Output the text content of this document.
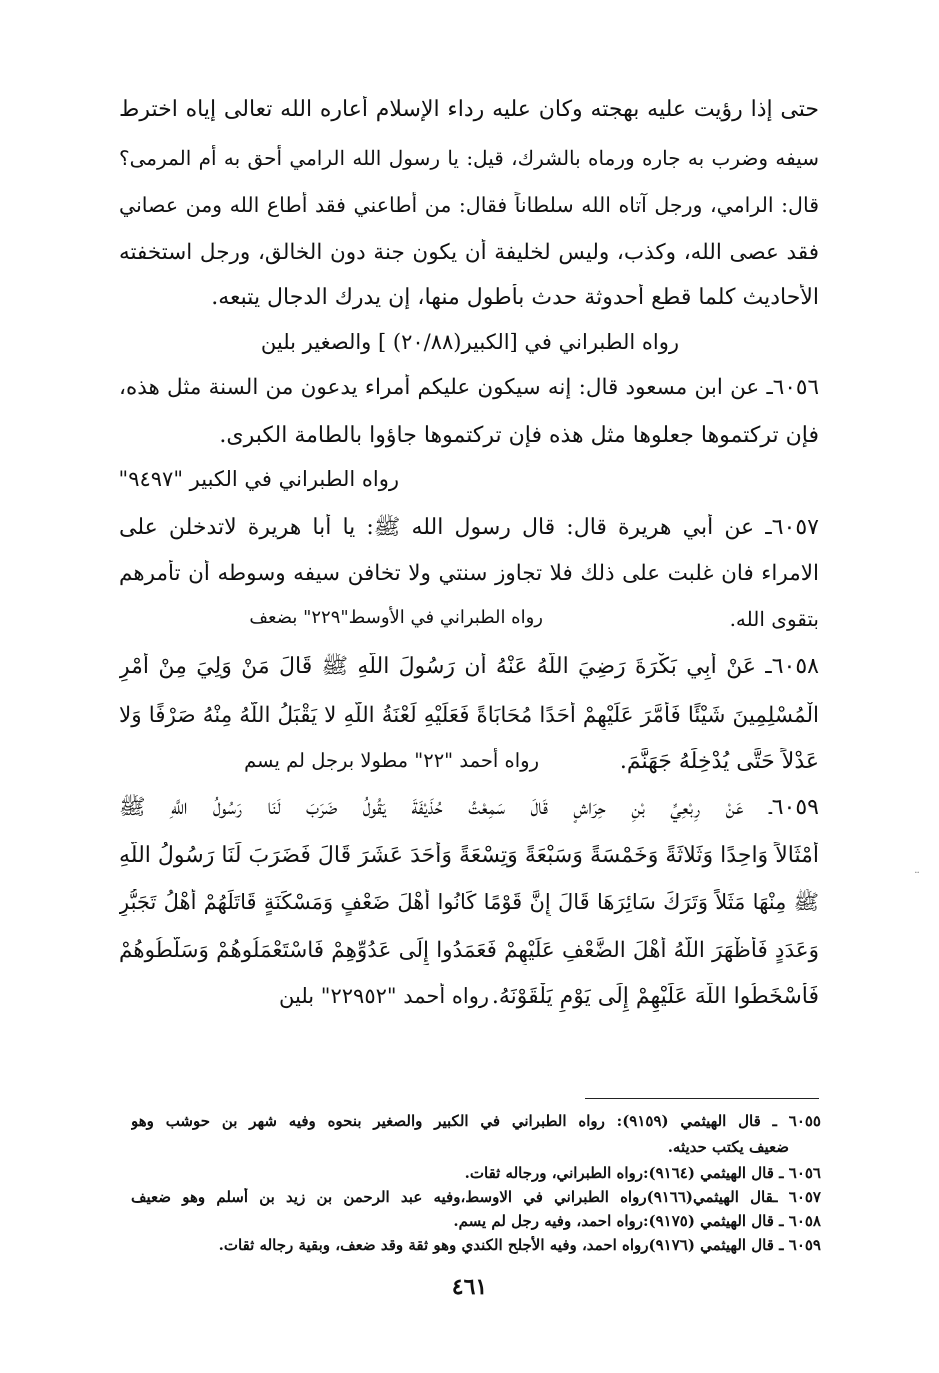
حتى إذا رؤيت عليه بهجته وكان عليه رداء الإسلام أعاره الله تعالى إياه اخترط
سيفه وضرب به جاره ورماه بالشرك، قيل: يا رسول الله الرامي أحق به أم المرمى؟
قال: الرامي، ورجل آتاه الله سلطاناً فقال: من أطاعني فقد أطاع الله ومن عصاني
فقد عصى الله، وكذب، وليس لخليفة أن يكون جنة دون الخالق، ورجل استخفته
الأحاديث كلما قطع أحدوثة حدث بأطول منها، إن يدرك الدجال يتبعه.
رواه الطبراني في [الكبير(٢٠/٨٨) ] والصغير بلين
٦٠٥٦ـ عن ابن مسعود قال: إنه سيكون عليكم أمراء يدعون من السنة مثل هذه،
فإن تركتموها جعلوها مثل هذه فإن تركتموها جاؤوا بالطامة الكبرى.
رواه الطبراني في الكبير "٩٤٩٧"
٦٠٥٧ـ عن أبي هريرة قال: قال رسول الله ﷺ: يا أبا هريرة لاتدخلن على
الامراء فان غلبت على ذلك فلا تجاوز سنتي ولا تخافن سيفه وسوطه أن تأمرهم
بتقوى الله.
رواه الطبراني في الأوسط"٢٢٩" بضعف
٦٠٥٨ـ عَنْ أَبِي بَكْرَةَ رَضِيَ اللَّهُ عَنْهُ أن رَسُولَ اللَّهِ ﷺ قَالَ مَنْ وَلِيَ مِنْ أَمْرِ
الْمُسْلِمِينَ شَيْئًا فَأَمَّرَ عَلَيْهِمْ أَحَدًا مُحَابَاةً فَعَلَيْهِ لَعْنَةُ اللَّهِ لا يَقْبَلُ اللَّهُ مِنْهُ صَرْفًا وَلا
عَدْلاً حَتَّى يُدْخِلَهُ جَهَنَّمَ.
رواه أحمد "٢٢" مطولا برجل لم يسم
٦٠٥٩ـ عَنْ رِبْعِيِّ بْنِ حِرَاشٍ قَالَ سَمِعْتُ حُذَيْفَةَ يَقُولُ ضَرَبَ لَنَا رَسُولُ اللَّهِ ﷺ
أَمْثَالاً وَاحِدًا وَثَلاثَةً وَخَمْسَةً وَسَبْعَةً وَتِسْعَةً وَأَحَدَ عَشَرَ قَالَ فَضَرَبَ لَنَا رَسُولُ اللَّهِ
ﷺ مِنْهَا مَثَلاً وَتَرَكَ سَائِرَهَا قَالَ إِنَّ قَوْمًا كَانُوا أَهْلَ ضَعْفٍ وَمَسْكَنَةٍ قَاتَلَهُمْ أَهْلُ تَجَبُّرٍ
وَعَدَدٍ فَأَظْهَرَ اللَّهُ أَهْلَ الضَّعْفِ عَلَيْهِمْ فَعَمَدُوا إِلَى عَدُوِّهِمْ فَاسْتَعْمَلُوهُمْ وَسَلَّطُوهُمْ
فَأَسْخَطُوا اللَّهَ عَلَيْهِمْ إِلَى يَوْمِ يَلْقَوْنَهُ.
رواه أحمد "٢٢٩٥٢" بلين
¨
٦٠٥٥ ـ قال الهيثمي (٩١٥٩): رواه الطبراني في الكبير والصغير بنحوه وفيه شهر بن حوشب وهو
ضعيف يكتب حديثه.
٦٠٥٦ ـ قال الهيثمي (٩١٦٤):رواه الطبراني، ورجاله ثقات.
٦٠٥٧ ـقال الهيثمي(٩١٦٦)رواه الطبراني في الاوسط،وفيه عبد الرحمن بن زيد بن أسلم وهو ضعيف
٦٠٥٨ ـ قال الهيثمي (٩١٧٥):رواه احمد، وفيه رجل لم يسم.
٦٠٥٩ ـ قال الهيثمي (٩١٧٦)رواه احمد، وفيه الأجلح الكندي وهو ثقة وقد ضعف، وبقية رجاله ثقات.
٤٦١
